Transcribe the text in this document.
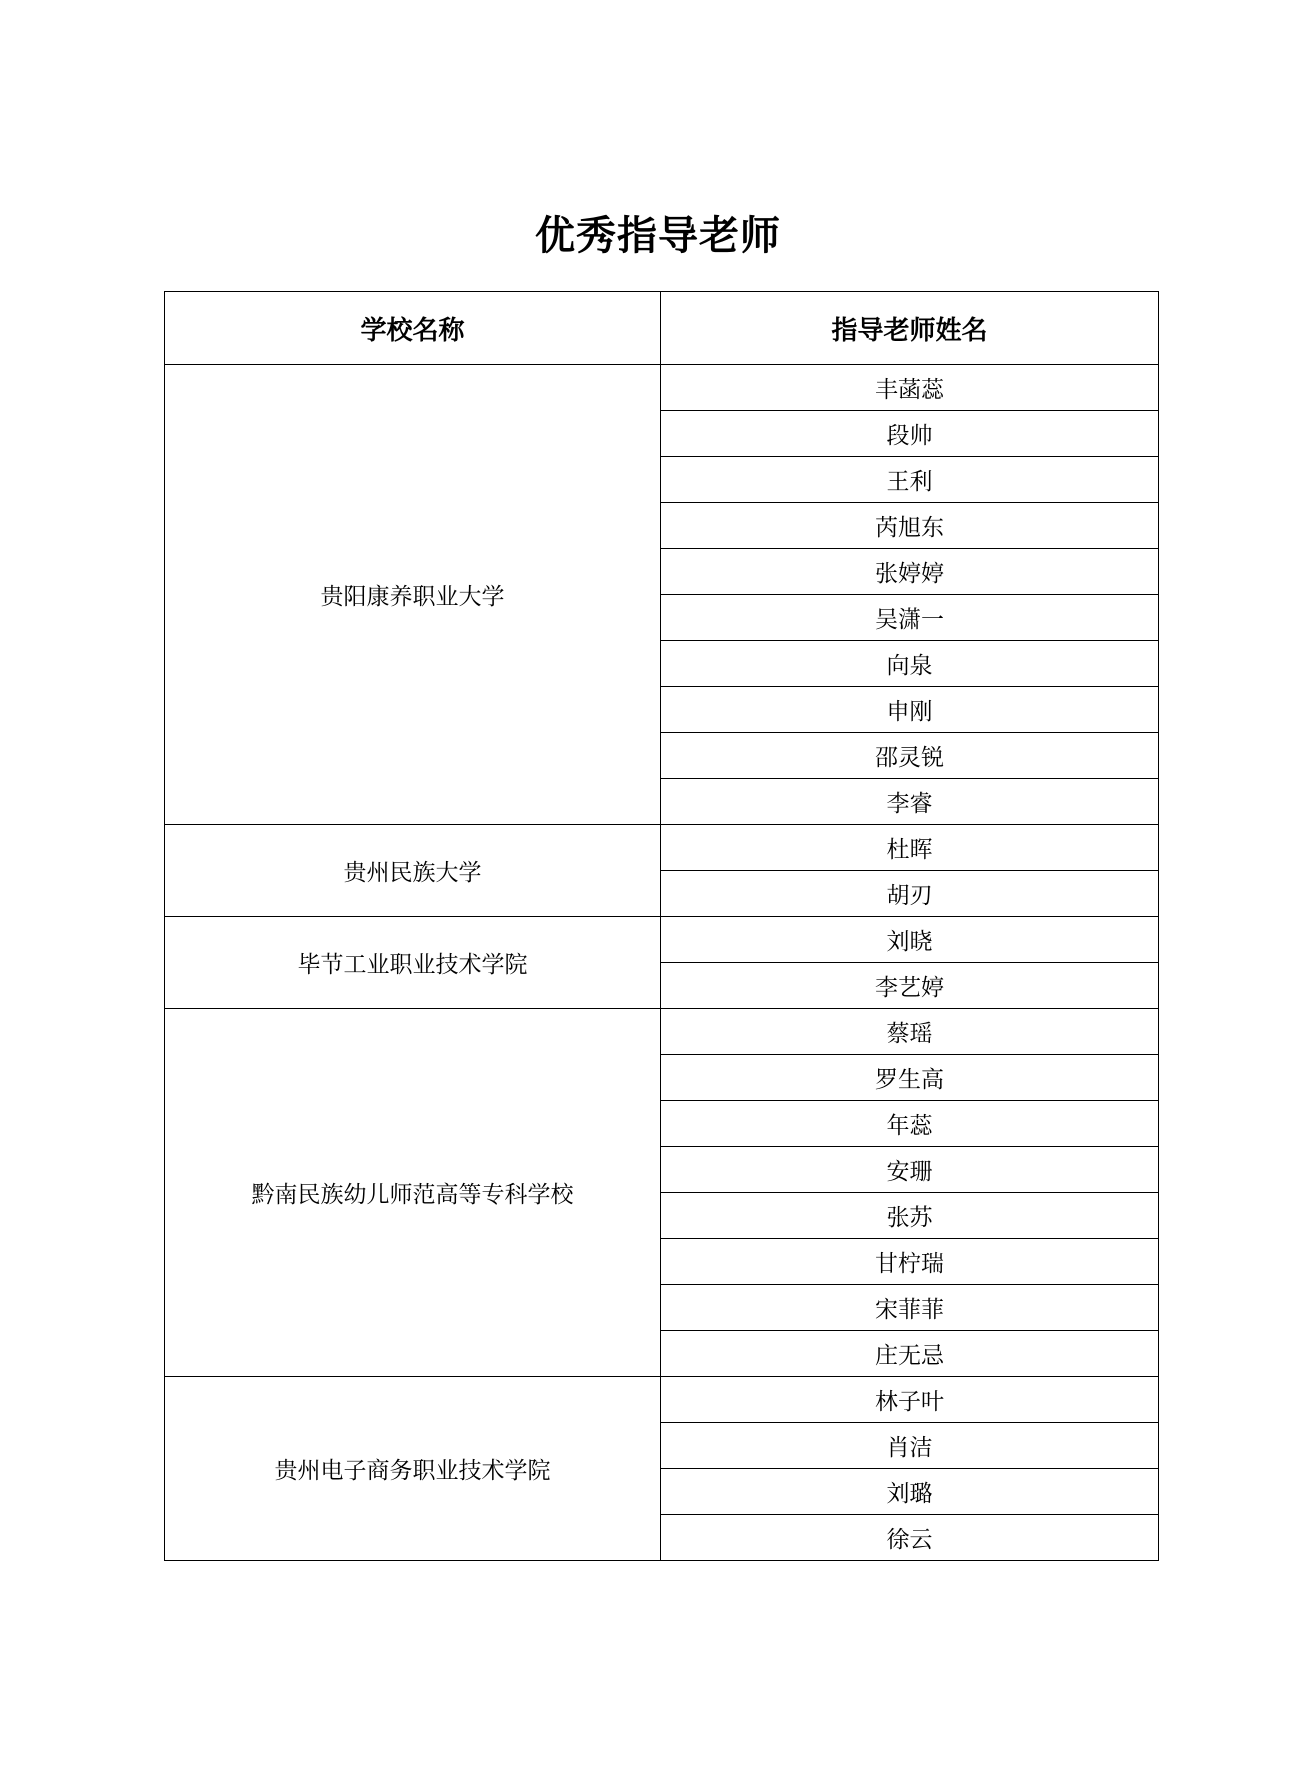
优秀指导老师
学校名称	指导老师姓名
贵阳康养职业大学	丰菡蕊
	段帅
	王利
	芮旭东
	张婷婷
	吴潇一
	向泉
	申刚
	邵灵锐
	李睿
贵州民族大学	杜晖
	胡刃
毕节工业职业技术学院	刘晓
	李艺婷
黔南民族幼儿师范高等专科学校	蔡瑶
	罗生高
	年蕊
	安珊
	张苏
	甘柠瑞
	宋菲菲
	庄无忌
贵州电子商务职业技术学院	林子叶
	肖洁
	刘璐
	徐云
